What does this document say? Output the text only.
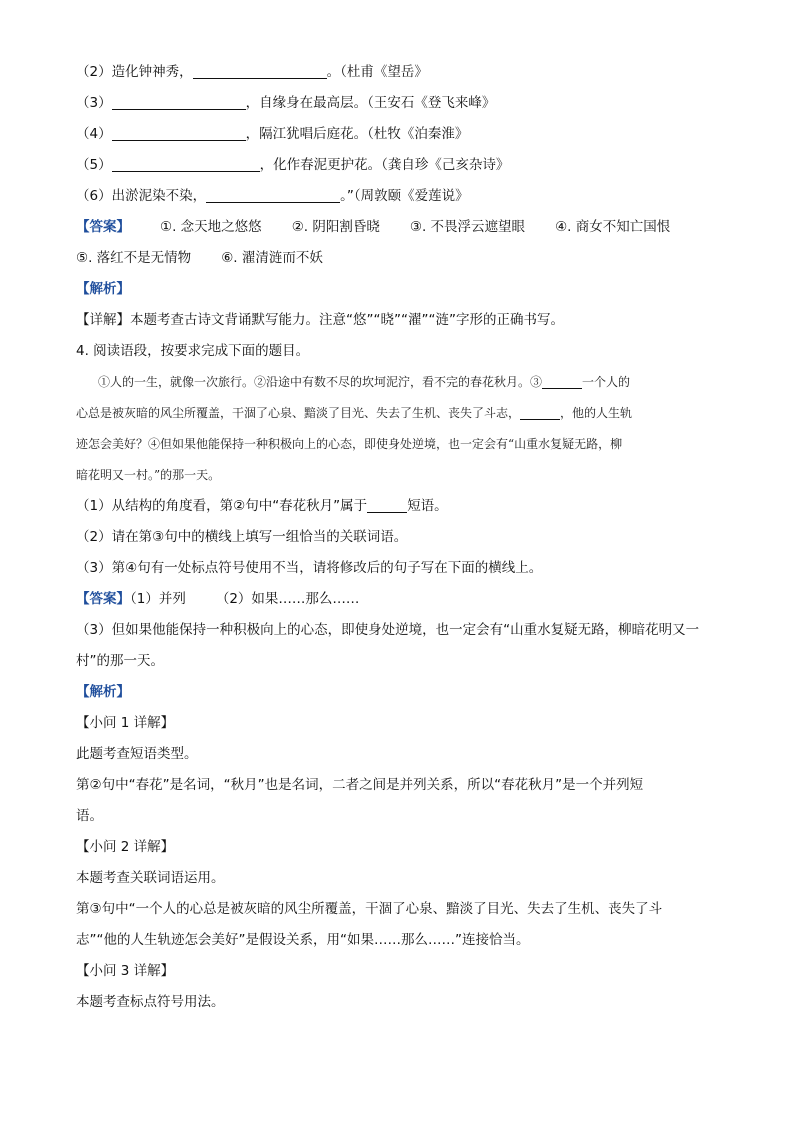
（2）造化钟神秀，	。（杜甫《望岳》
（3）	，自缘身在最高层。（王安石《登飞来峰》
（4）	，隔江犹唱后庭花。（杜牧《泊秦淮》
（5）	，化作春泥更护花。（龚自珍《己亥杂诗》
（6）出淤泥染不染，	。”（周敦颐《爱莲说》
【答案】 ①. 念天地之悠悠 ②. 阴阳割昏晓 ③. 不畏浮云遮望眼 ④. 商女不知亡国恨
⑤. 落红不是无情物 ⑥. 濯清涟而不妖
【解析】
【详解】本题考查古诗文背诵默写能力。注意“悠”“晓”“濯”“涟”字形的正确书写。
4. 阅读语段，按要求完成下面的题目。
①人的一生，就像一次旅行。②沿途中有数不尽的坎坷泥泞，看不完的春花秋月。③	一个人的
心总是被灰暗的风尘所覆盖，干涸了心泉、黯淡了目光、失去了生机、丧失了斗志，	，他的人生轨
迹怎会美好？④但如果他能保持一种积极向上的心态，即使身处逆境，也一定会有“山重水复疑无路，柳
暗花明又一村。”的那一天。
（1）从结构的角度看，第②句中“春花秋月”属于	短语。
（2）请在第③句中的横线上填写一组恰当的关联词语。
（3）第④句有一处标点符号使用不当，请将修改后的句子写在下面的横线上。
【答案】（1）并列 （2）如果……那么……
（3）但如果他能保持一种积极向上的心态，即使身处逆境，也一定会有“山重水复疑无路，柳暗花明又一
村”的那一天。
【解析】
【小问 1 详解】
此题考查短语类型。
第②句中“春花”是名词，“秋月”也是名词，二者之间是并列关系，所以“春花秋月”是一个并列短
语。
【小问 2 详解】
本题考查关联词语运用。
第③句中“一个人的心总是被灰暗的风尘所覆盖，干涸了心泉、黯淡了目光、失去了生机、丧失了斗
志”“他的人生轨迹怎会美好”是假设关系，用“如果……那么……”连接恰当。
【小问 3 详解】
本题考查标点符号用法。
